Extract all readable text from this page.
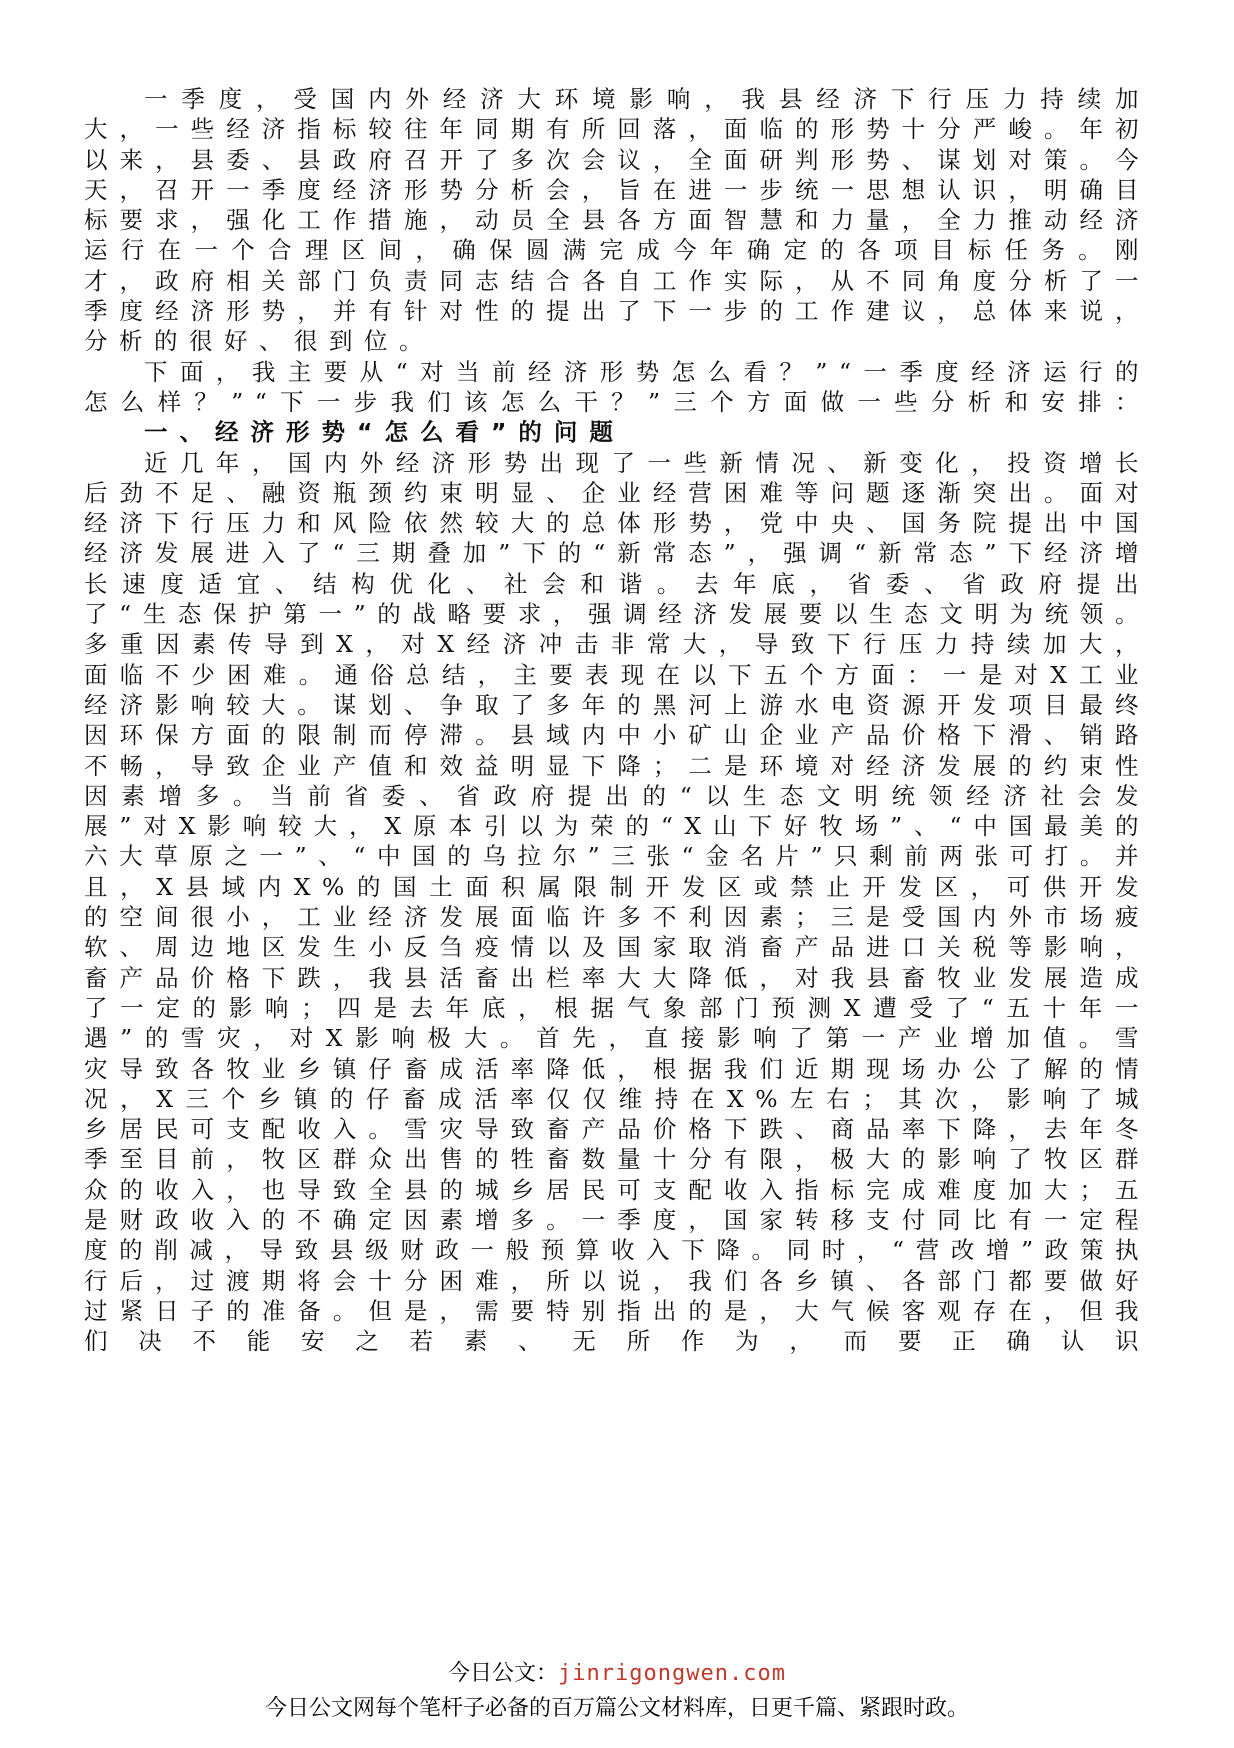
一季度，受国内外经济大环境影响，我县经济下行压力持续加大，一些经济指标较往年同期有所回落，面临的形势十分严峻。年初以来，县委、县政府召开了多次会议，全面研判形势、谋划对策。今天，召开一季度经济形势分析会，旨在进一步统一思想认识，明确目标要求，强化工作措施，动员全县各方面智慧和力量，全力推动经济运行在一个合理区间，确保圆满完成今年确定的各项目标任务。刚才，政府相关部门负责同志结合各自工作实际，从不同角度分析了一季度经济形势，并有针对性的提出了下一步的工作建议，总体来说，分析的很好、很到位。

下面，我主要从“对当前经济形势怎么看？”“一季度经济运行的怎么样？”“下一步我们该怎么干？”三个方面做一些分析和安排：

一、经济形势“怎么看”的问题

近几年，国内外经济形势出现了一些新情况、新变化，投资增长后劲不足、融资瓶颈约束明显、企业经营困难等问题逐渐突出。面对经济下行压力和风险依然较大的总体形势，党中央、国务院提出中国经济发展进入了“三期叠加”下的“新常态”，强调“新常态”下经济增长速度适宜、结构优化、社会和谐。去年底，省委、省政府提出了“生态保护第一”的战略要求，强调经济发展要以生态文明为统领。多重因素传导到X，对X经济冲击非常大，导致下行压力持续加大，面临不少困难。通俗总结，主要表现在以下五个方面：一是对X工业经济影响较大。谋划、争取了多年的黑河上游水电资源开发项目最终因环保方面的限制而停滞。县域内中小矿山企业产品价格下滑、销路不畅，导致企业产值和效益明显下降；二是环境对经济发展的约束性因素增多。当前省委、省政府提出的“以生态文明统领经济社会发展”对X影响较大，X原本引以为荣的“X山下好牧场”、“中国最美的六大草原之一”、“中国的乌拉尔”三张“金名片”只剩前两张可打。并且，X县域内X%的国土面积属限制开发区或禁止开发区，可供开发的空间很小，工业经济发展面临许多不利因素；三是受国内外市场疲软、周边地区发生小反刍疫情以及国家取消畜产品进口关税等影响，畜产品价格下跌，我县活畜出栏率大大降低，对我县畜牧业发展造成了一定的影响；四是去年底，根据气象部门预测X遭受了“五十年一遇”的雪灾，对X影响极大。首先，直接影响了第一产业增加值。雪灾导致各牧业乡镇仔畜成活率降低，根据我们近期现场办公了解的情况，X三个乡镇的仔畜成活率仅仅维持在X%左右；其次，影响了城乡居民可支配收入。雪灾导致畜产品价格下跌、商品率下降，去年冬季至目前，牧区群众出售的牲畜数量十分有限，极大的影响了牧区群众的收入，也导致全县的城乡居民可支配收入指标完成难度加大；五是财政收入的不确定因素增多。一季度，国家转移支付同比有一定程度的削减，导致县级财政一般预算收入下降。同时，“营改增”政策执行后，过渡期将会十分困难，所以说，我们各乡镇、各部门都要做好过紧日子的准备。但是，需要特别指出的是，大气候客观存在，但我们决不能安之若素、无所作为，而要正确认识

今日公文：jinrigongwen.com
今日公文网每个笔杆子必备的百万篇公文材料库，日更千篇、紧跟时政。
